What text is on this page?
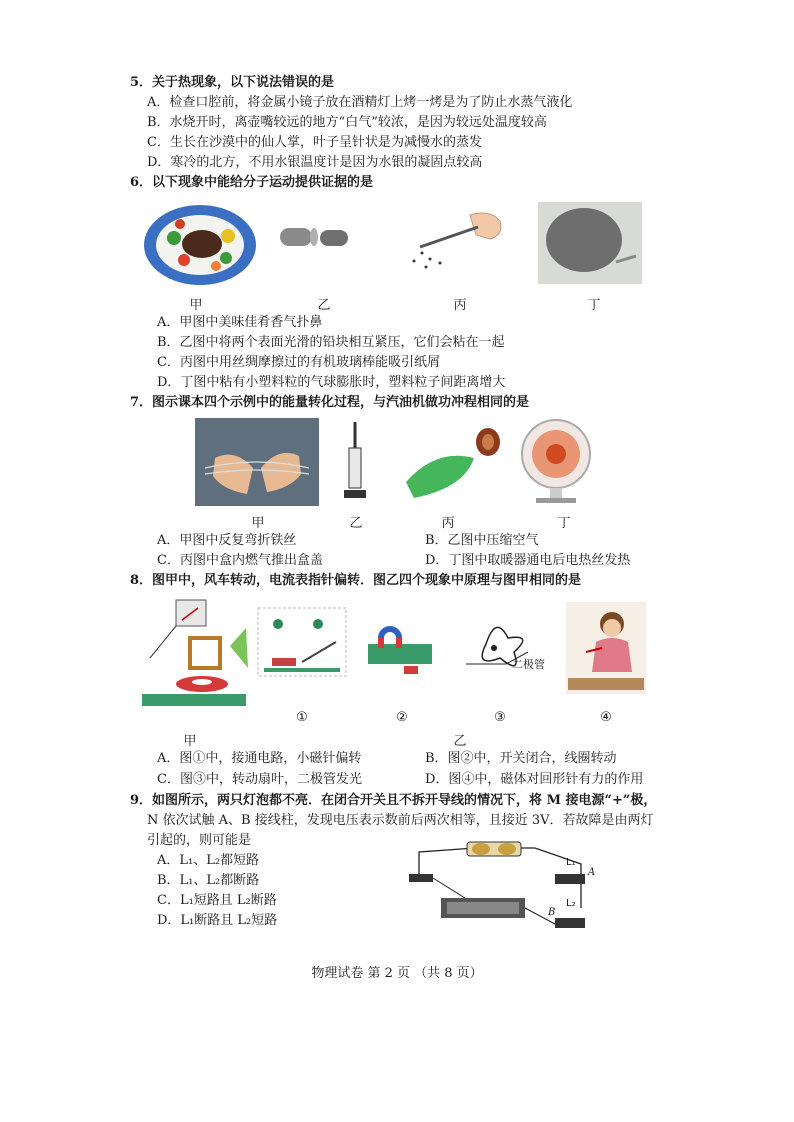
5．关于热现象，以下说法错误的是
A．检查口腔前，将金属小镜子放在酒精灯上烤一烤是为了防止水蒸气液化
B．水烧开时，离壶嘴较远的地方“白气”较浓，是因为较远处温度较高
C．生长在沙漠中的仙人掌，叶子呈针状是为减慢水的蒸发
D．寒冷的北方，不用水银温度计是因为水银的凝固点较高
6．以下现象中能给分子运动提供证据的是
甲	乙	丙	丁
A．甲图中美味佳肴香气扑鼻
B．乙图中将两个表面光滑的铅块相互紧压，它们会粘在一起
C．丙图中用丝绸摩擦过的有机玻璃棒能吸引纸屑
D．丁图中粘有小塑料粒的气球膨胀时，塑料粒子间距离增大
7．图示课本四个示例中的能量转化过程，与汽油机做功冲程相同的是
甲	乙	丙	丁
A．甲图中反复弯折铁丝	B．乙图中压缩空气
C．丙图中盒内燃气推出盒盖	D．丁图中取暖器通电后电热丝发热
8．图甲中，风车转动，电流表指针偏转．图乙四个现象中原理与图甲相同的是
二极管
甲
①	②	③	④
乙
A．图①中，接通电路，小磁针偏转	B．图②中，开关闭合，线圈转动
C．图③中，转动扇叶，二极管发光	D．图④中，磁体对回形针有力的作用
9．如图所示，两只灯泡都不亮．在闭合开关且不拆开导线的情况下，将 M 接电源“+”极，
N 依次试触 A、B 接线柱，发现电压表示数前后两次相等，且接近 3V．若故障是由两灯
引起的，则可能是
A．L₁、L₂都短路
B．L₁、L₂都断路
C．L₁短路且 L₂断路
D．L₁断路且 L₂短路
L₁
L₂
A
B
物理试卷 第 2 页 （共 8 页）
